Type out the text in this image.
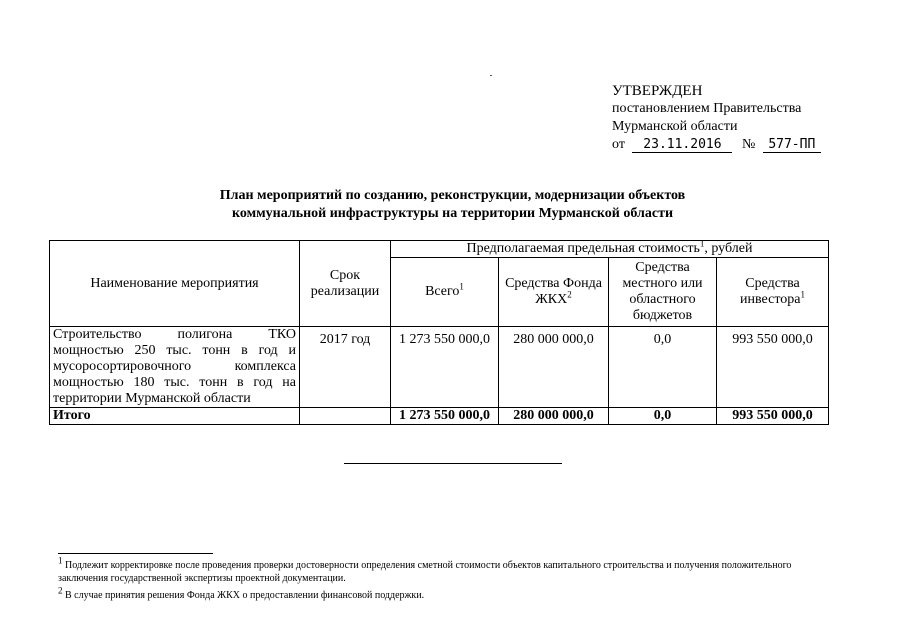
УТВЕРЖДЕН
постановлением Правительства
Мурманской области
от 23.11.2016 № 577-ПП
План мероприятий по созданию, реконструкции, модернизации объектов
коммунальной инфраструктуры на территории Мурманской области
Наименование мероприятия	Срок реализации	Предполагаемая предельная стоимость$^1$, рублей			
		Всего$^1$	Средства Фонда ЖКХ$^2$	Средства местного или областного бюджетов	Средства инвестора$^1$
Строительство полигона ТКО мощностью 250 тыс. тонн в год и мусоросортировочного комплекса мощностью 180 тыс. тонн в год на территории Мурманской области	2017 год	1 273 550 000,0	280 000 000,0	0,0	993 550 000,0
Итого		1 273 550 000,0	280 000 000,0	0,0	993 550 000,0
$^1$ Подлежит корректировке после проведения проверки достоверности определения сметной стоимости объектов капитального строительства и получения положительного заключения государственной экспертизы проектной документации.
$^2$ В случае принятия решения Фонда ЖКХ о предоставлении финансовой поддержки.
